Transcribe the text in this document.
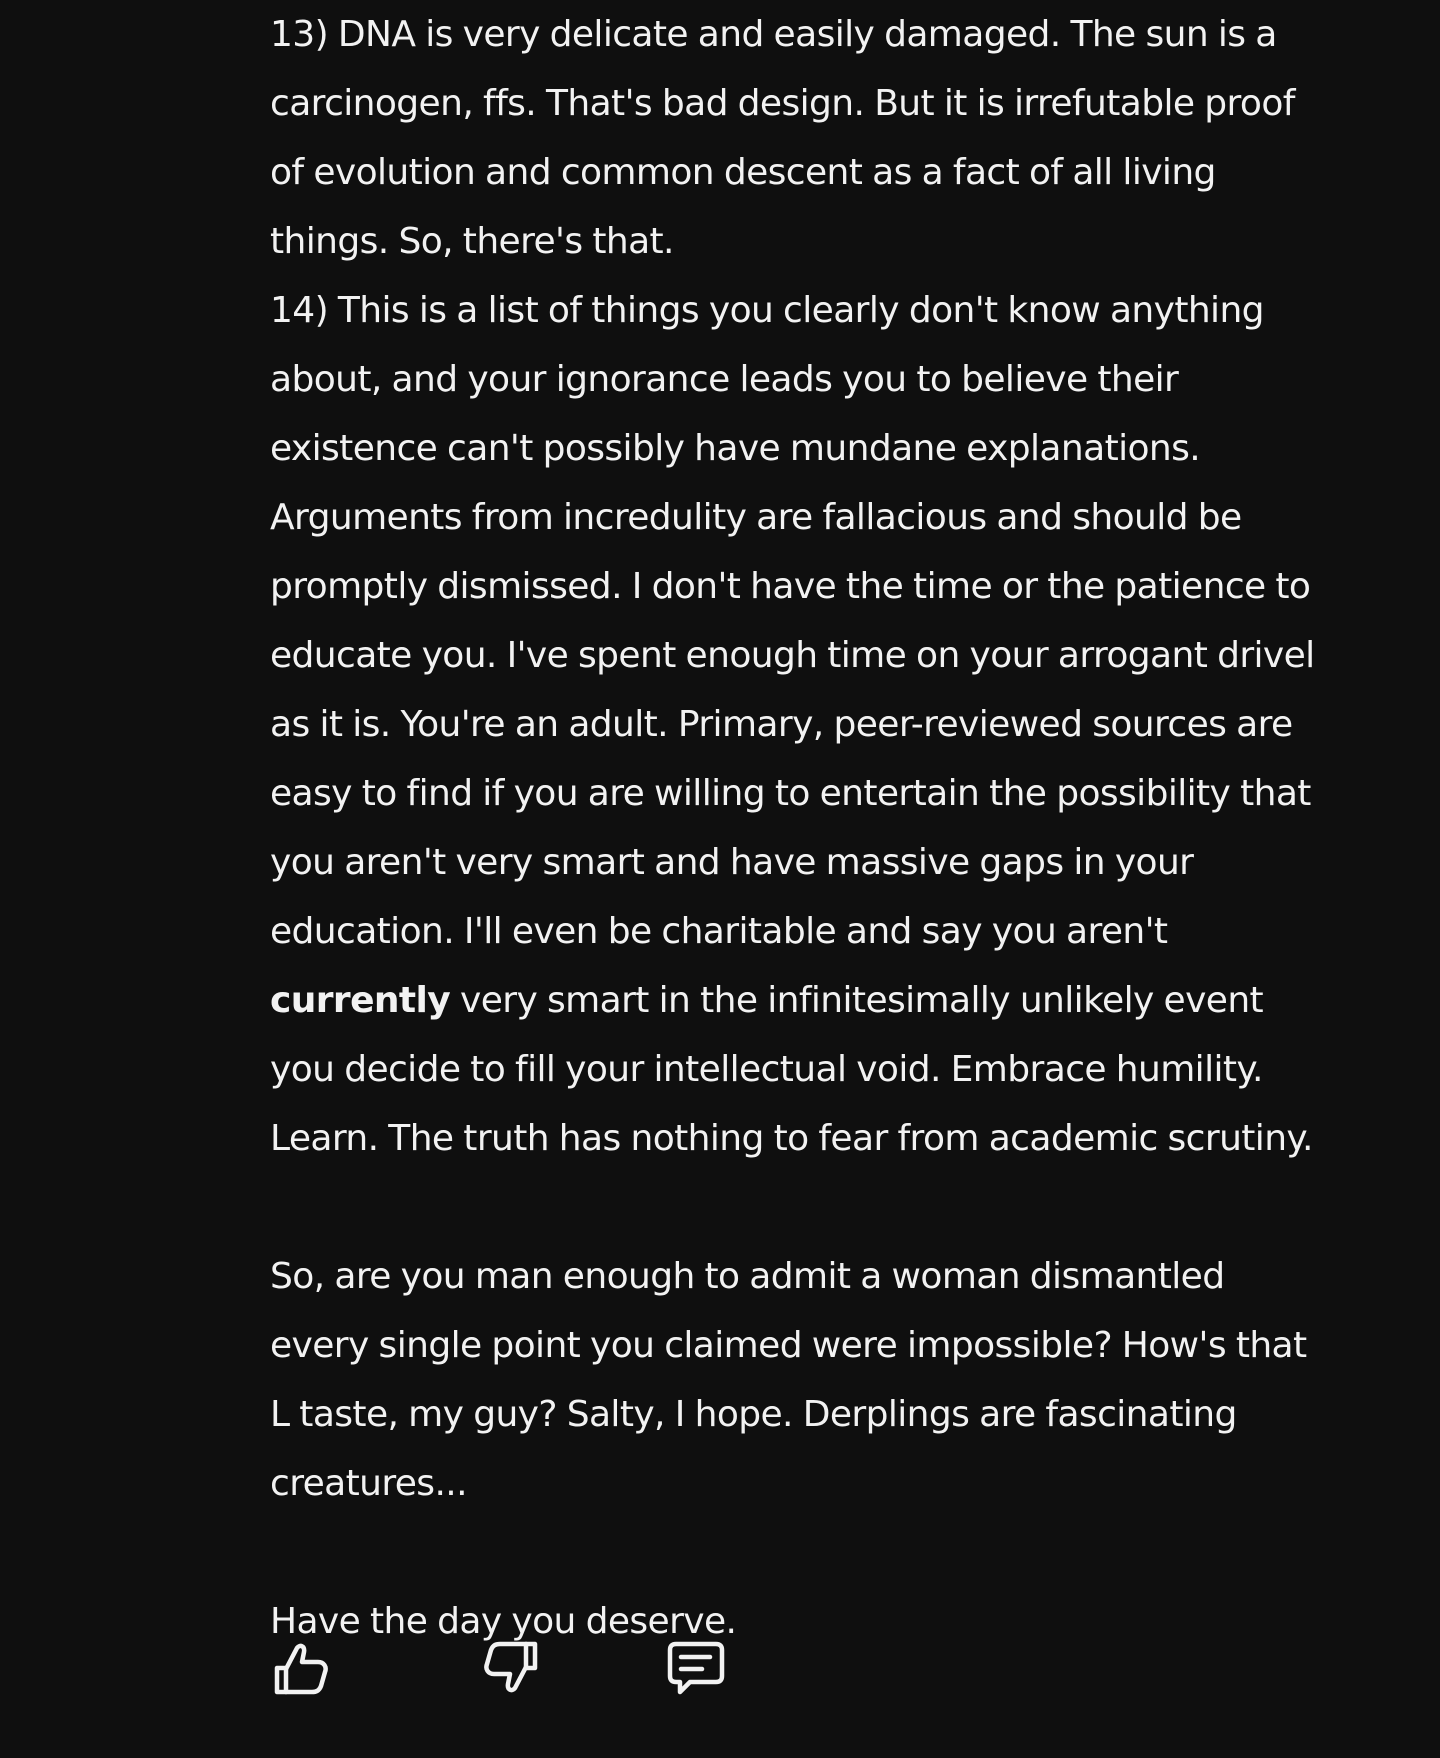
13) DNA is very delicate and easily damaged. The sun is a carcinogen, ffs. That's bad design. But it is irrefutable proof of evolution and common descent as a fact of all living things. So, there's that.

14) This is a list of things you clearly don't know anything about, and your ignorance leads you to believe their existence can't possibly have mundane explanations. Arguments from incredulity are fallacious and should be promptly dismissed. I don't have the time or the patience to educate you. I've spent enough time on your arrogant drivel as it is. You're an adult. Primary, peer-reviewed sources are easy to find if you are willing to entertain the possibility that you aren't very smart and have massive gaps in your education. I'll even be charitable and say you aren't currently very smart in the infinitesimally unlikely event you decide to fill your intellectual void. Embrace humility. Learn. The truth has nothing to fear from academic scrutiny.

So, are you man enough to admit a woman dismantled every single point you claimed were impossible? How's that L taste, my guy? Salty, I hope. Derplings are fascinating creatures...

Have the day you deserve.
